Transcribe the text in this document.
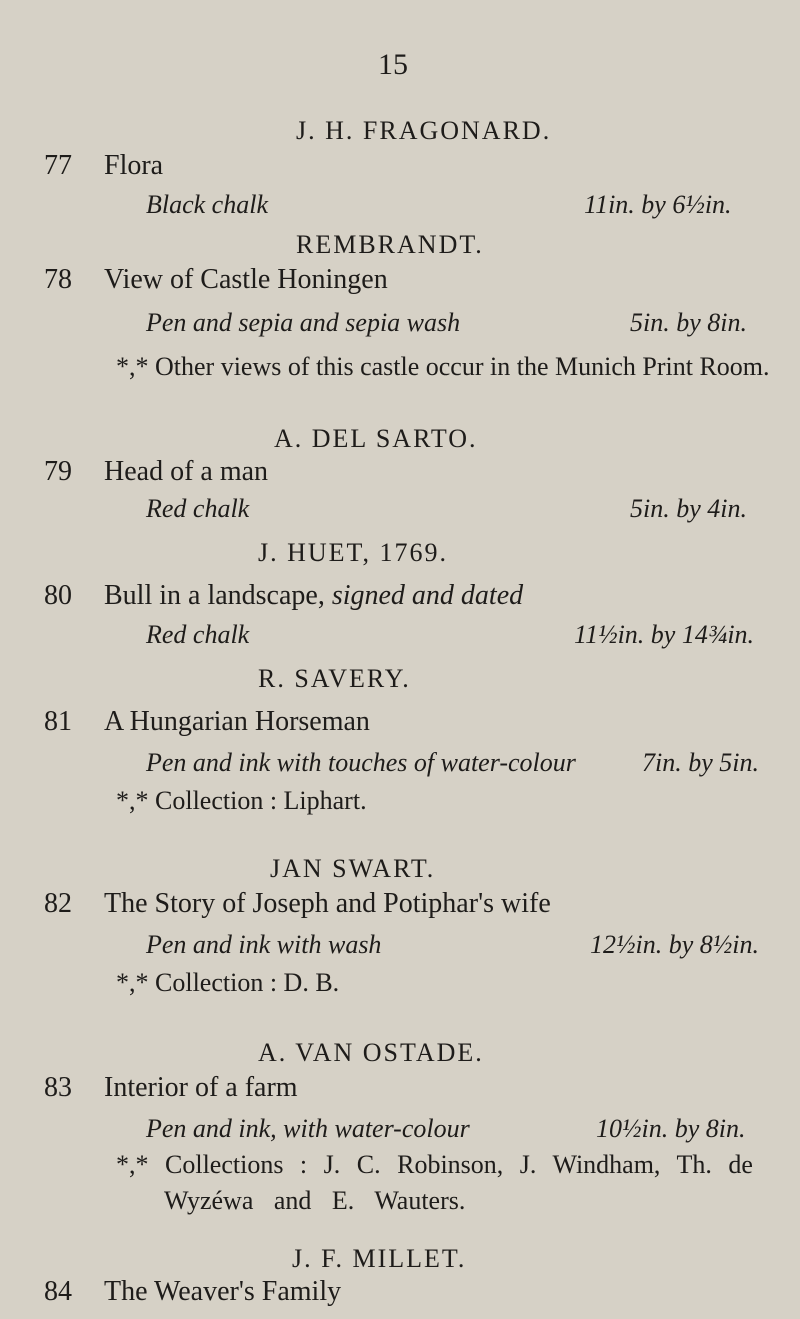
15
J. H. FRAGONARD.
77 Flora
Black chalk	11in. by 6½in.
REMBRANDT.
78 View of Castle Honingen
Pen and sepia and sepia wash	5in. by 8in.
*,* Other views of this castle occur in the Munich Print Room.
A. DEL SARTO.
79 Head of a man
Red chalk	5in. by 4in.
J. HUET, 1769.
80 Bull in a landscape, signed and dated
Red chalk	11½in. by 14¾in.
R. SAVERY.
81 A Hungarian Horseman
Pen and ink with touches of water-colour	7in. by 5in.
*,* Collection : Liphart.
JAN SWART.
82 The Story of Joseph and Potiphar's wife
Pen and ink with wash	12½in. by 8½in.
*,* Collection : D. B.
A. VAN OSTADE.
83 Interior of a farm
Pen and ink, with water-colour	10½in. by 8in.
*,* Collections : J. C. Robinson, J. Windham, Th. de
Wyzéwa and E. Wauters.
J. F. MILLET.
84 The Weaver's Family
